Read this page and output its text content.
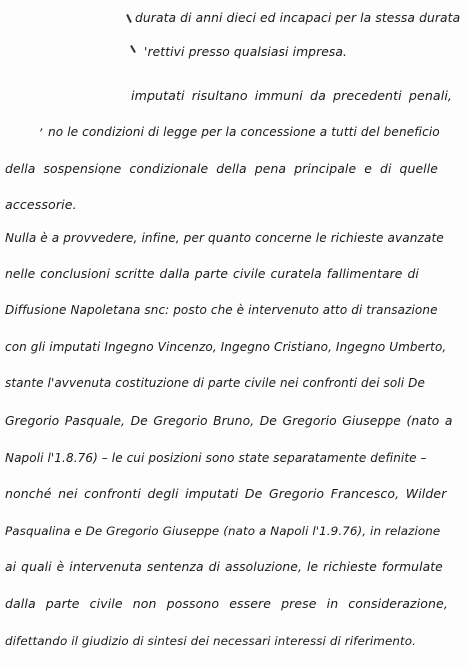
durata di anni dieci ed incapaci per la stessa durata
'rettivi presso qualsiasi impresa.
imputati risultano immuni da precedenti penali,
, no le condizioni di legge per la concessione a tutti del beneficio
della sospensione condizionale della pena principale e di quelle
accessorie.
Nulla è a provvedere, infine, per quanto concerne le richieste avanzate
nelle conclusioni scritte dalla parte civile curatela fallimentare di
Diffusione Napoletana snc: posto che è intervenuto atto di transazione
con gli imputati Ingegno Vincenzo, Ingegno Cristiano, Ingegno Umberto,
stante l'avvenuta costituzione di parte civile nei confronti dei soli De
Gregorio Pasquale, De Gregorio Bruno, De Gregorio Giuseppe (nato a
Napoli l'1.8.76) – le cui posizioni sono state separatamente definite –
nonché nei confronti degli imputati De Gregorio Francesco, Wilder
Pasqualina e De Gregorio Giuseppe (nato a Napoli l'1.9.76), in relazione
ai quali è intervenuta sentenza di assoluzione, le richieste formulate
dalla parte civile non possono essere prese in considerazione,
difettando il giudizio di sintesi dei necessari interessi di riferimento.
